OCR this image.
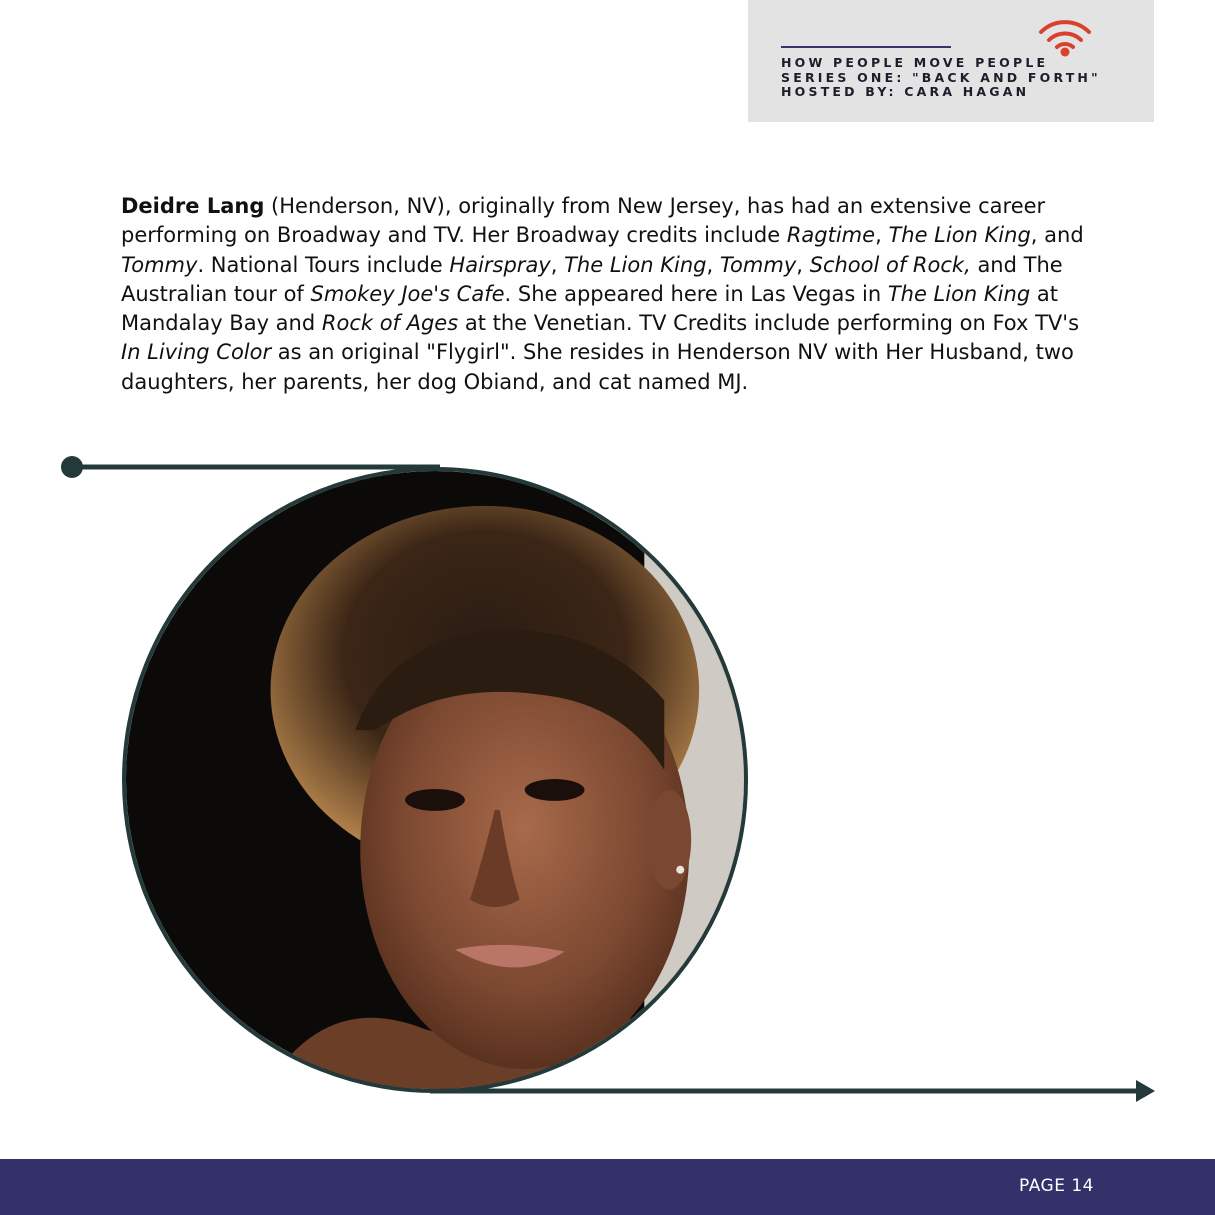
HOW PEOPLE MOVE PEOPLE
SERIES ONE: "BACK AND FORTH"
HOSTED BY: CARA HAGAN

Deidre Lang (Henderson, NV), originally from New Jersey, has had an extensive career performing on Broadway and TV. Her Broadway credits include Ragtime, The Lion King, and Tommy. National Tours include Hairspray, The Lion King, Tommy, School of Rock, and The Australian tour of Smokey Joe's Cafe. She appeared here in Las Vegas in The Lion King at Mandalay Bay and Rock of Ages at the Venetian. TV Credits include performing on Fox TV's In Living Color as an original "Flygirl". She resides in Henderson NV with Her Husband, two daughters, her parents, her dog Obiand, and cat named MJ.

PAGE 14
